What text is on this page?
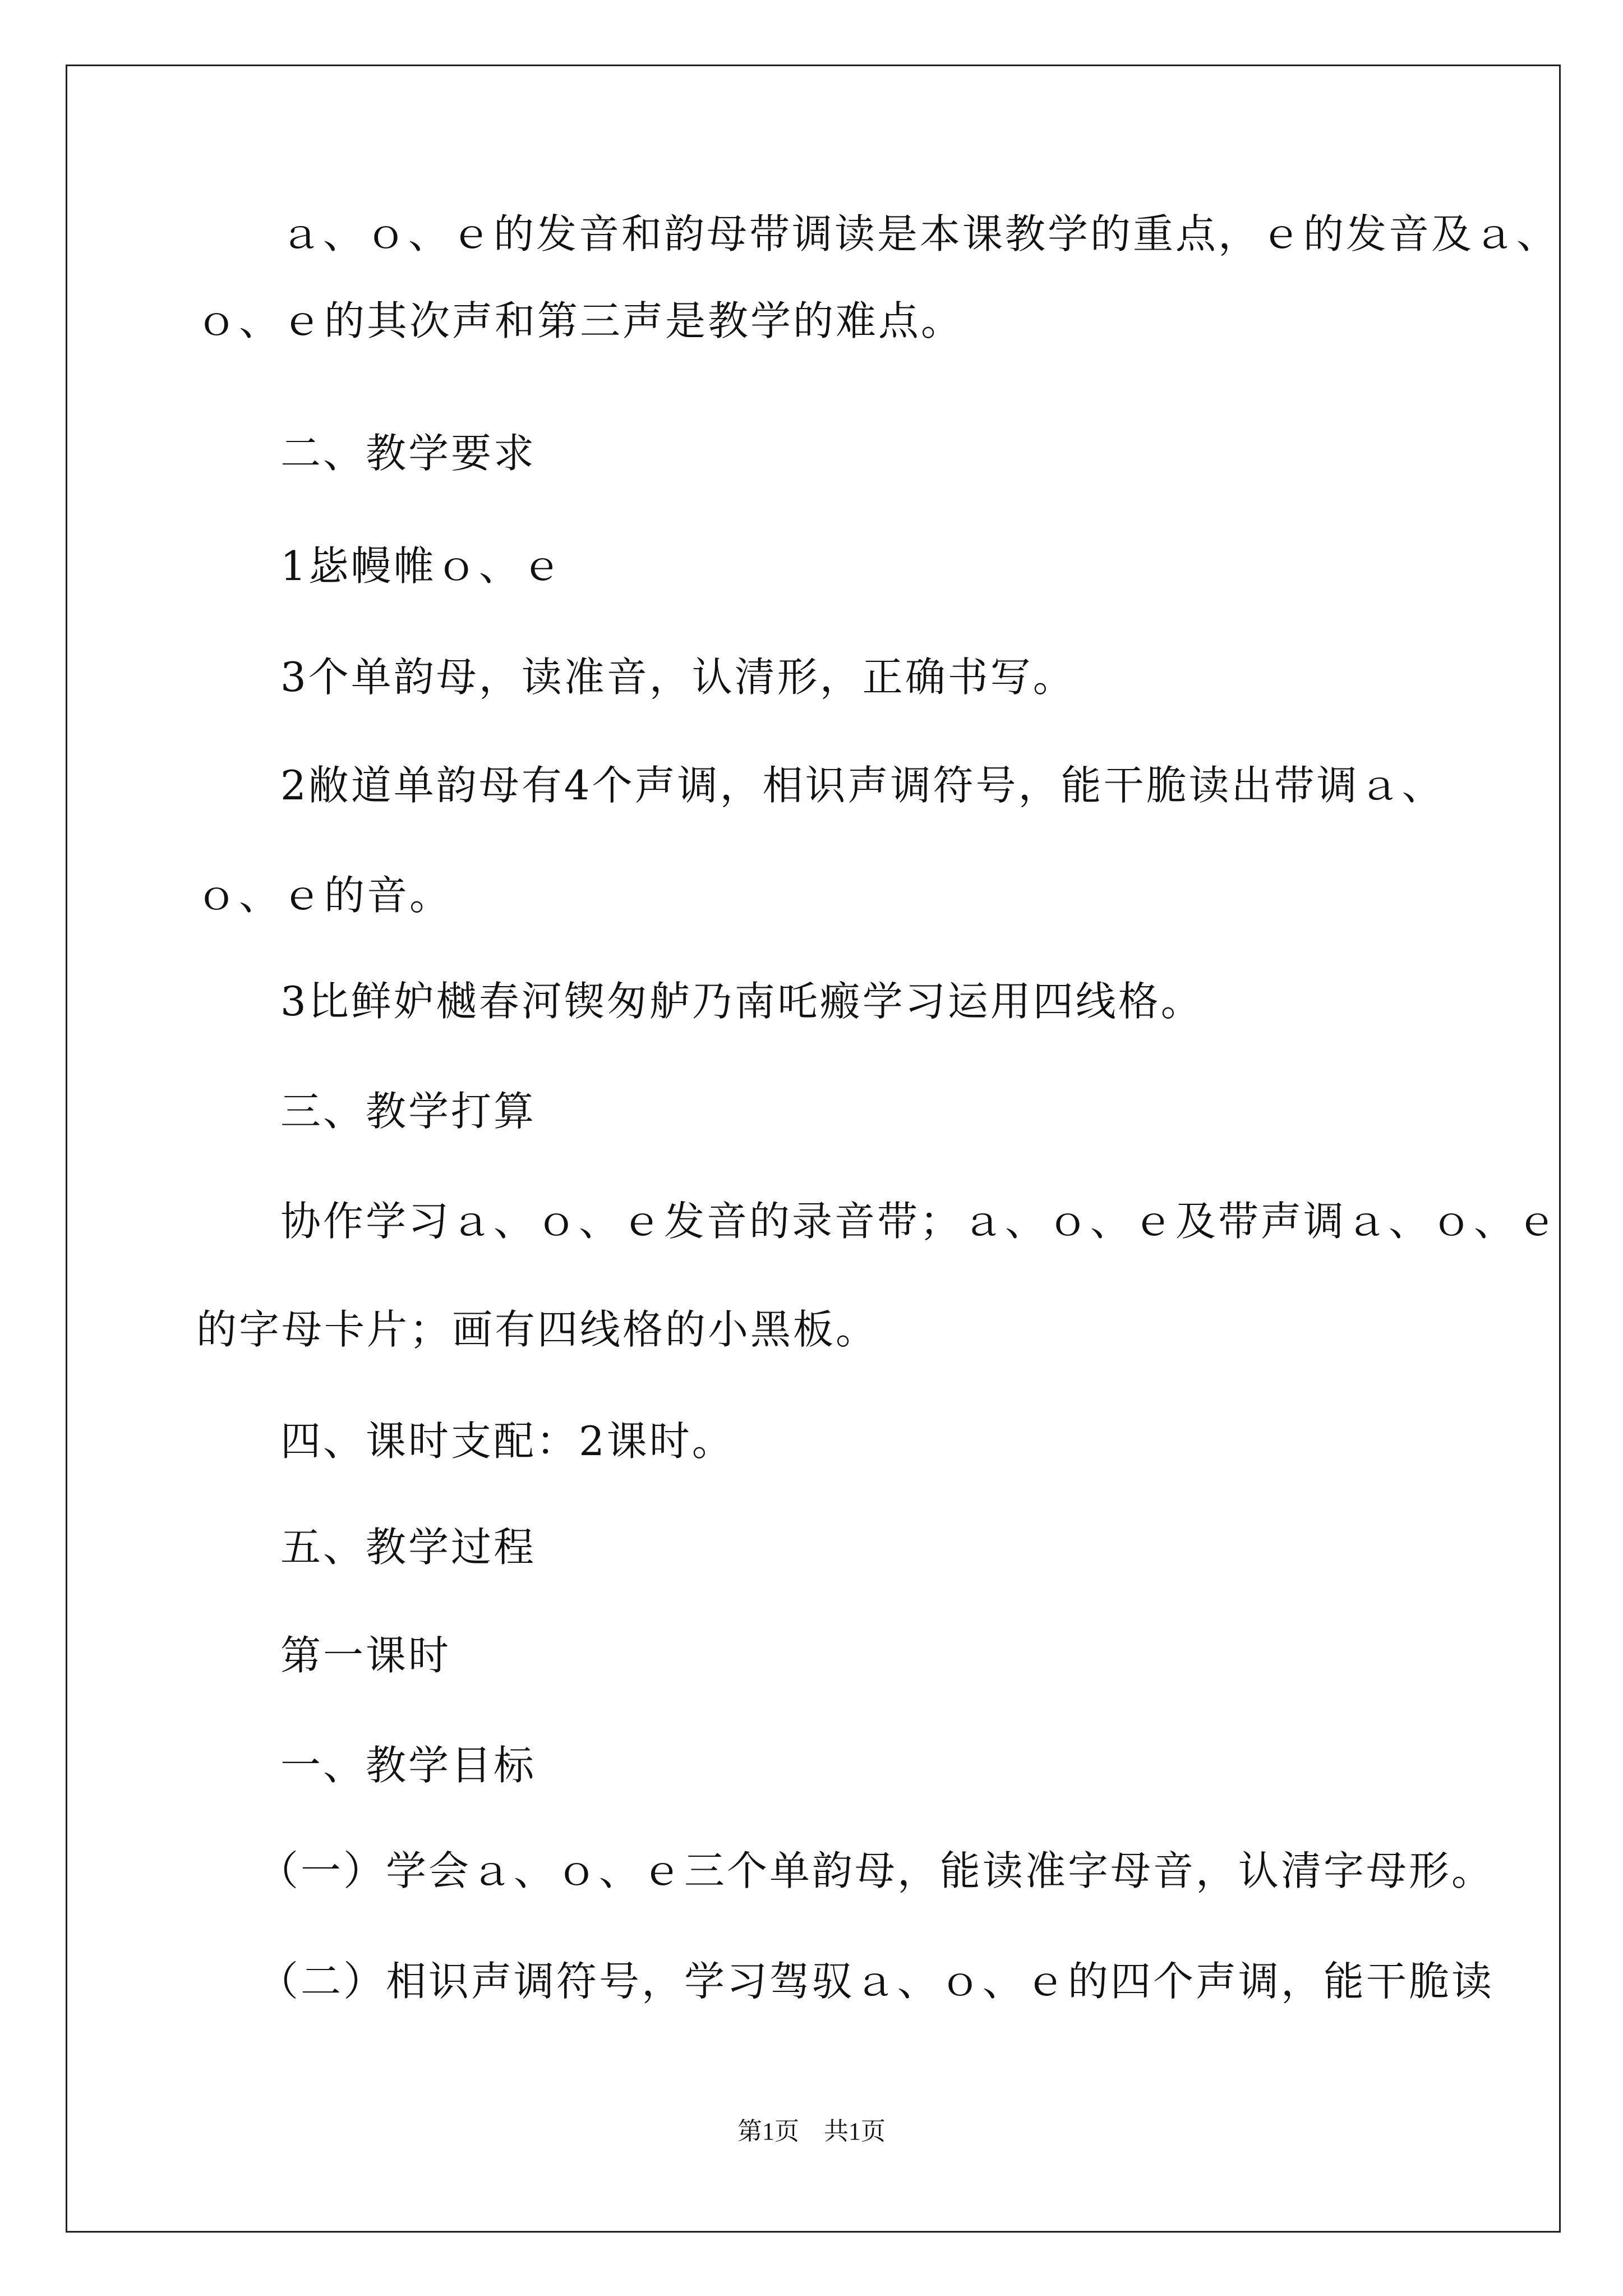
ａ、ｏ、ｅ的发音和韵母带调读是本课教学的重点，ｅ的发音及ａ、
ｏ、ｅ的其次声和第三声是教学的难点。
二、教学要求
1毖幔帷ｏ、ｅ
3个单韵母，读准音，认清形，正确书写。
2敝道单韵母有4个声调，相识声调符号，能干脆读出带调ａ、
ｏ、ｅ的音。
3比鲜妒樾春河锲匆舻乃南吒瘢学习运用四线格。
三、教学打算
协作学习ａ、ｏ、ｅ发音的录音带；ａ、ｏ、ｅ及带声调ａ、ｏ、ｅ
的字母卡片；画有四线格的小黑板。
四、课时支配：2课时。
五、教学过程
第一课时
一、教学目标
（一）学会ａ、ｏ、ｅ三个单韵母，能读准字母音，认清字母形。
（二）相识声调符号，学习驾驭ａ、ｏ、ｅ的四个声调，能干脆读
第1页　共1页
